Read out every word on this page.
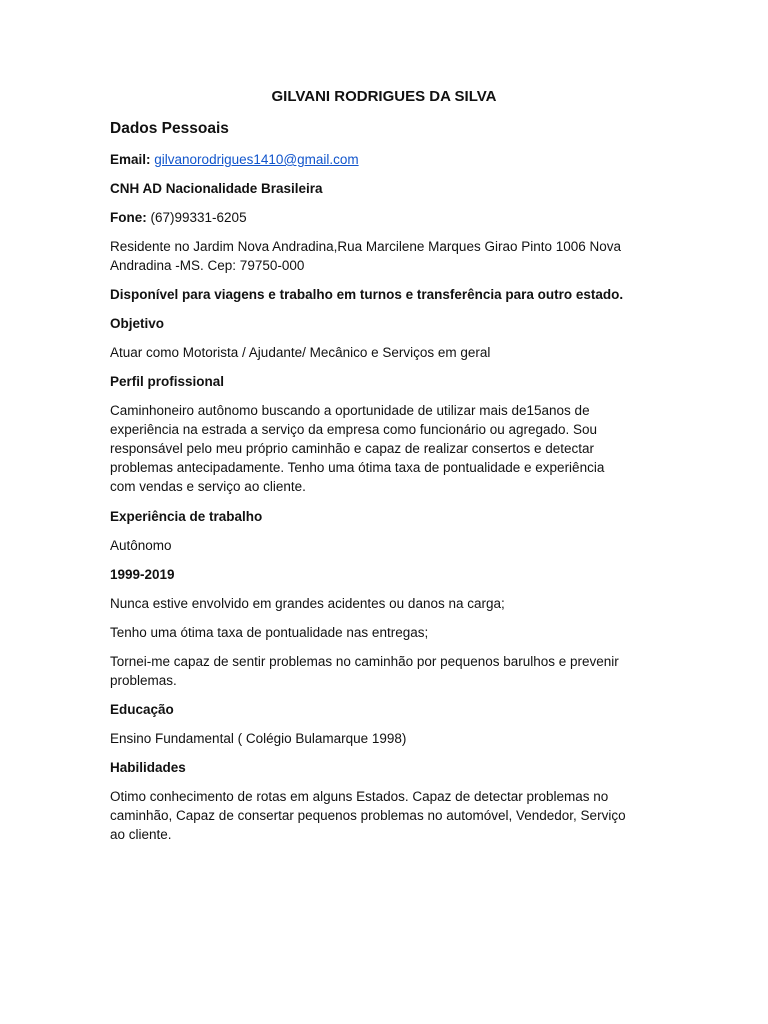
GILVANI RODRIGUES DA SILVA

Dados Pessoais

Email: gilvanorodrigues1410@gmail.com

CNH AD Nacionalidade Brasileira

Fone: (67)99331-6205

Residente no Jardim Nova Andradina,Rua Marcilene Marques Girao Pinto 1006 Nova

Andradina -MS. Cep: 79750-000

Disponível para viagens e trabalho em turnos e transferência para outro estado.

Objetivo

Atuar como Motorista / Ajudante/ Mecânico e Serviços em geral

Perfil profissional

Caminhoneiro autônomo buscando a oportunidade de utilizar mais de15anos de

experiência na estrada a serviço da empresa como funcionário ou agregado. Sou

responsável pelo meu próprio caminhão e capaz de realizar consertos e detectar

problemas antecipadamente. Tenho uma ótima taxa de pontualidade e experiência

com vendas e serviço ao cliente.

Experiência de trabalho

Autônomo

1999-2019

Nunca estive envolvido em grandes acidentes ou danos na carga;

Tenho uma ótima taxa de pontualidade nas entregas;

Tornei-me capaz de sentir problemas no caminhão por pequenos barulhos e prevenir

problemas.

Educação

Ensino Fundamental ( Colégio Bulamarque 1998)

Habilidades

Otimo conhecimento de rotas em alguns Estados. Capaz de detectar problemas no

caminhão, Capaz de consertar pequenos problemas no automóvel, Vendedor, Serviço

ao cliente.
